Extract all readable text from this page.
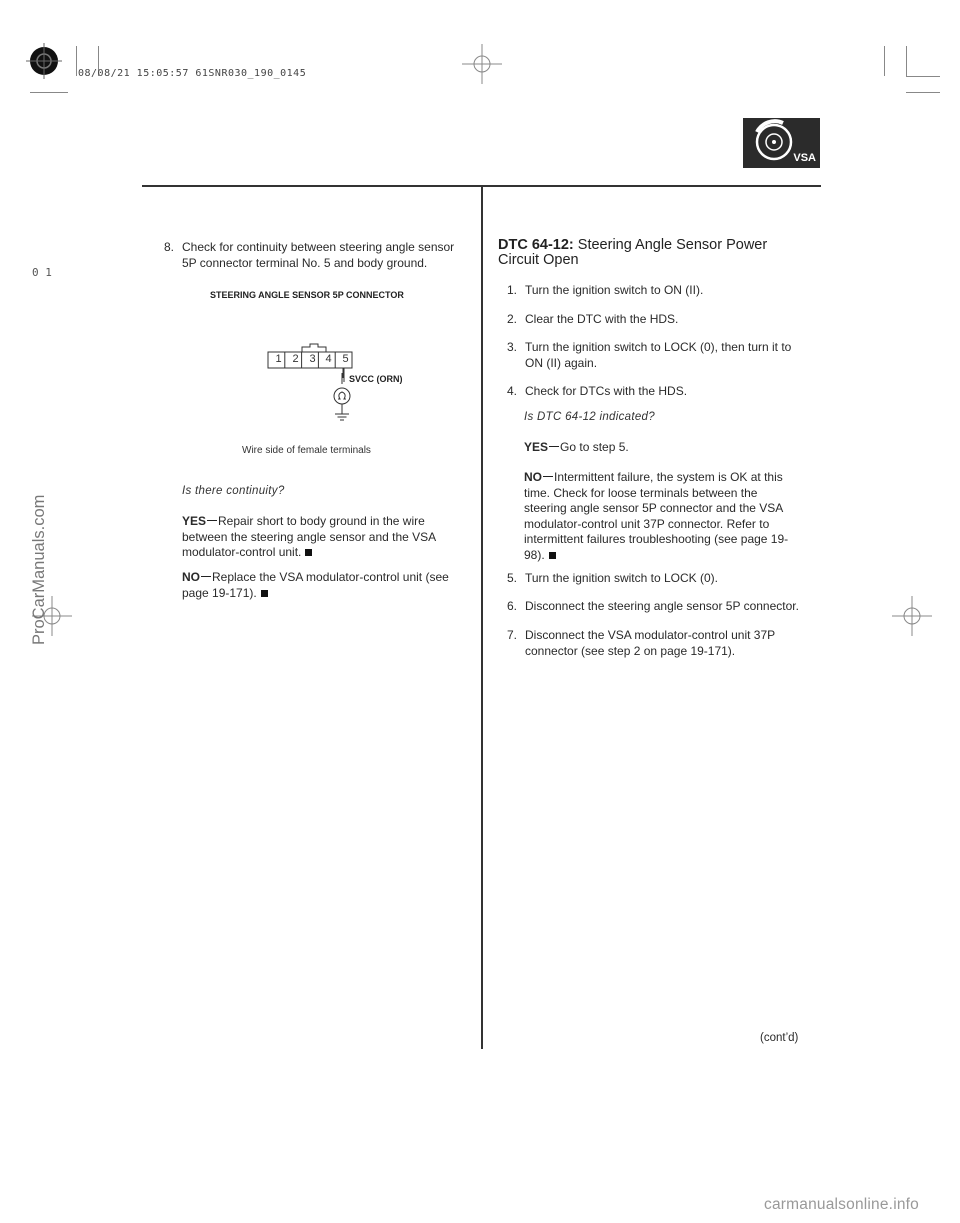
08/08/21 15:05:57 61SNR030_190_0145
0 1
VSA
8. Check for continuity between steering angle sensor 5P connector terminal No. 5 and body ground.
STEERING ANGLE SENSOR 5P CONNECTOR
1 2 3 4 5
SVCC (ORN)
Wire side of female terminals
Is there continuity?
YES Repair short to body ground in the wire between the steering angle sensor and the VSA modulator-control unit.
NO Replace the VSA modulator-control unit (see page 19-171).
DTC 64-12: Steering Angle Sensor Power
Circuit Open
1. Turn the ignition switch to ON (II).
2. Clear the DTC with the HDS.
3. Turn the ignition switch to LOCK (0), then turn it to ON (II) again.
4. Check for DTCs with the HDS.
Is DTC 64-12 indicated?
YES Go to step 5.
NO Intermittent failure, the system is OK at this time. Check for loose terminals between the steering angle sensor 5P connector and the VSA modulator-control unit 37P connector. Refer to intermittent failures troubleshooting (see page 19-98).
5. Turn the ignition switch to LOCK (0).
6. Disconnect the steering angle sensor 5P connector.
7. Disconnect the VSA modulator-control unit 37P connector (see step 2 on page 19-171).
(cont’d)
ProCarManuals.com
carmanualsonline.info
